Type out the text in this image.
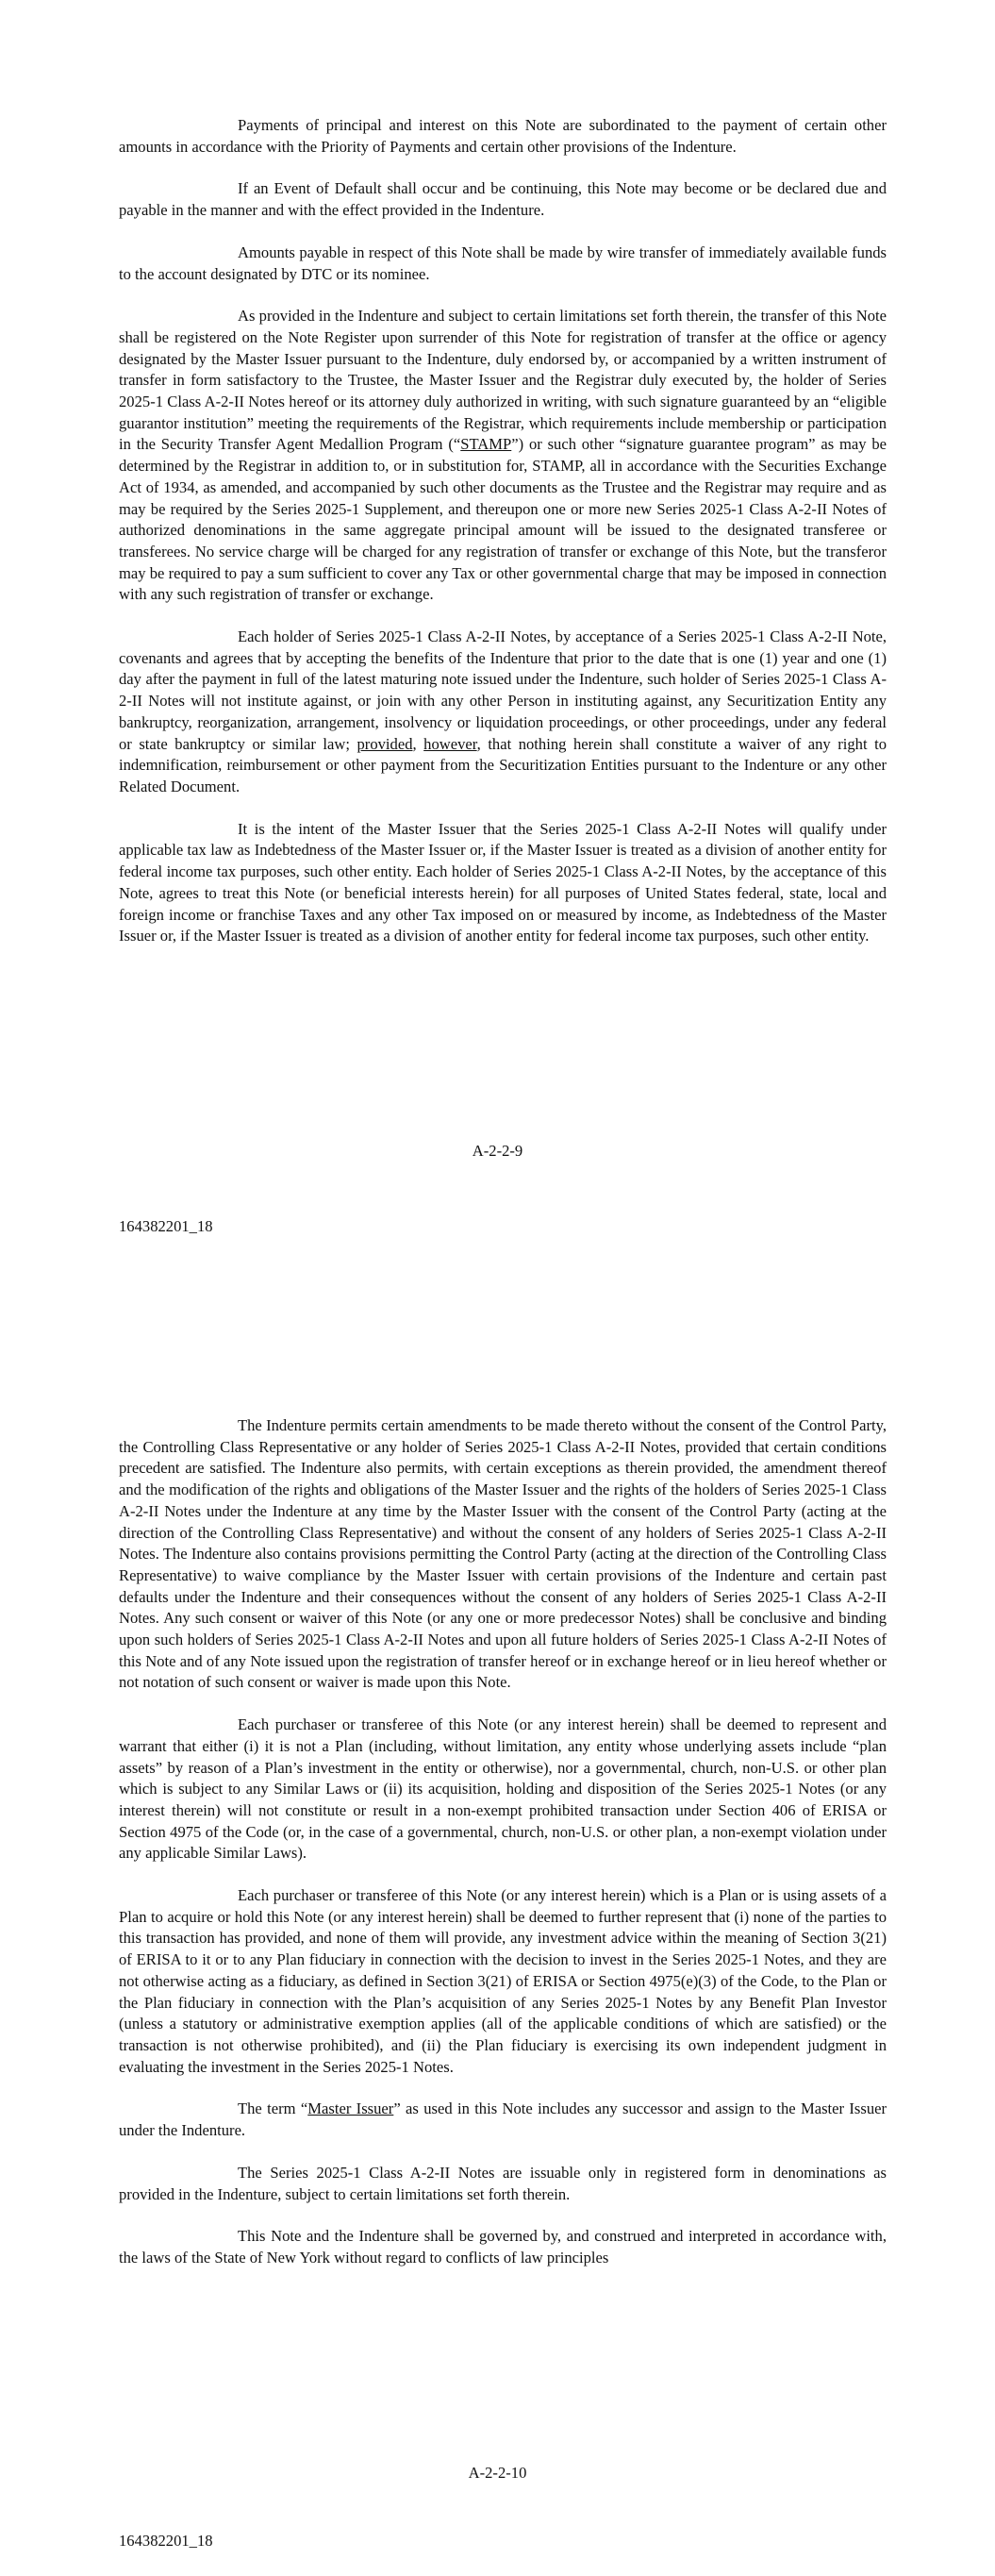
Payments of principal and interest on this Note are subordinated to the payment of certain other amounts in accordance with the Priority of Payments and certain other provisions of the Indenture.

If an Event of Default shall occur and be continuing, this Note may become or be declared due and payable in the manner and with the effect provided in the Indenture.

Amounts payable in respect of this Note shall be made by wire transfer of immediately available funds to the account designated by DTC or its nominee.

As provided in the Indenture and subject to certain limitations set forth therein, the transfer of this Note shall be registered on the Note Register upon surrender of this Note for registration of transfer at the office or agency designated by the Master Issuer pursuant to the Indenture, duly endorsed by, or accompanied by a written instrument of transfer in form satisfactory to the Trustee, the Master Issuer and the Registrar duly executed by, the holder of Series 2025-1 Class A-2-II Notes hereof or its attorney duly authorized in writing, with such signature guaranteed by an “eligible guarantor institution” meeting the requirements of the Registrar, which requirements include membership or participation in the Security Transfer Agent Medallion Program (“STAMP”) or such other “signature guarantee program” as may be determined by the Registrar in addition to, or in substitution for, STAMP, all in accordance with the Securities Exchange Act of 1934, as amended, and accompanied by such other documents as the Trustee and the Registrar may require and as may be required by the Series 2025-1 Supplement, and thereupon one or more new Series 2025-1 Class A-2-II Notes of authorized denominations in the same aggregate principal amount will be issued to the designated transferee or transferees. No service charge will be charged for any registration of transfer or exchange of this Note, but the transferor may be required to pay a sum sufficient to cover any Tax or other governmental charge that may be imposed in connection with any such registration of transfer or exchange.

Each holder of Series 2025-1 Class A-2-II Notes, by acceptance of a Series 2025-1 Class A-2-II Note, covenants and agrees that by accepting the benefits of the Indenture that prior to the date that is one (1) year and one (1) day after the payment in full of the latest maturing note issued under the Indenture, such holder of Series 2025-1 Class A-2-II Notes will not institute against, or join with any other Person in instituting against, any Securitization Entity any bankruptcy, reorganization, arrangement, insolvency or liquidation proceedings, or other proceedings, under any federal or state bankruptcy or similar law; provided, however, that nothing herein shall constitute a waiver of any right to indemnification, reimbursement or other payment from the Securitization Entities pursuant to the Indenture or any other Related Document.

It is the intent of the Master Issuer that the Series 2025-1 Class A-2-II Notes will qualify under applicable tax law as Indebtedness of the Master Issuer or, if the Master Issuer is treated as a division of another entity for federal income tax purposes, such other entity. Each holder of Series 2025-1 Class A-2-II Notes, by the acceptance of this Note, agrees to treat this Note (or beneficial interests herein) for all purposes of United States federal, state, local and foreign income or franchise Taxes and any other Tax imposed on or measured by income, as Indebtedness of the Master Issuer or, if the Master Issuer is treated as a division of another entity for federal income tax purposes, such other entity.

A-2-2-9
164382201_18

The Indenture permits certain amendments to be made thereto without the consent of the Control Party, the Controlling Class Representative or any holder of Series 2025-1 Class A-2-II Notes, provided that certain conditions precedent are satisfied. The Indenture also permits, with certain exceptions as therein provided, the amendment thereof and the modification of the rights and obligations of the Master Issuer and the rights of the holders of Series 2025-1 Class A-2-II Notes under the Indenture at any time by the Master Issuer with the consent of the Control Party (acting at the direction of the Controlling Class Representative) and without the consent of any holders of Series 2025-1 Class A-2-II Notes. The Indenture also contains provisions permitting the Control Party (acting at the direction of the Controlling Class Representative) to waive compliance by the Master Issuer with certain provisions of the Indenture and certain past defaults under the Indenture and their consequences without the consent of any holders of Series 2025-1 Class A-2-II Notes. Any such consent or waiver of this Note (or any one or more predecessor Notes) shall be conclusive and binding upon such holders of Series 2025-1 Class A-2-II Notes and upon all future holders of Series 2025-1 Class A-2-II Notes of this Note and of any Note issued upon the registration of transfer hereof or in exchange hereof or in lieu hereof whether or not notation of such consent or waiver is made upon this Note.

Each purchaser or transferee of this Note (or any interest herein) shall be deemed to represent and warrant that either (i) it is not a Plan (including, without limitation, any entity whose underlying assets include “plan assets” by reason of a Plan’s investment in the entity or otherwise), nor a governmental, church, non-U.S. or other plan which is subject to any Similar Laws or (ii) its acquisition, holding and disposition of the Series 2025-1 Notes (or any interest therein) will not constitute or result in a non-exempt prohibited transaction under Section 406 of ERISA or Section 4975 of the Code (or, in the case of a governmental, church, non-U.S. or other plan, a non-exempt violation under any applicable Similar Laws).

Each purchaser or transferee of this Note (or any interest herein) which is a Plan or is using assets of a Plan to acquire or hold this Note (or any interest herein) shall be deemed to further represent that (i) none of the parties to this transaction has provided, and none of them will provide, any investment advice within the meaning of Section 3(21) of ERISA to it or to any Plan fiduciary in connection with the decision to invest in the Series 2025-1 Notes, and they are not otherwise acting as a fiduciary, as defined in Section 3(21) of ERISA or Section 4975(e)(3) of the Code, to the Plan or the Plan fiduciary in connection with the Plan’s acquisition of any Series 2025-1 Notes by any Benefit Plan Investor (unless a statutory or administrative exemption applies (all of the applicable conditions of which are satisfied) or the transaction is not otherwise prohibited), and (ii) the Plan fiduciary is exercising its own independent judgment in evaluating the investment in the Series 2025-1 Notes.

The term “Master Issuer” as used in this Note includes any successor and assign to the Master Issuer under the Indenture.

The Series 2025-1 Class A-2-II Notes are issuable only in registered form in denominations as provided in the Indenture, subject to certain limitations set forth therein.

This Note and the Indenture shall be governed by, and construed and interpreted in accordance with, the laws of the State of New York without regard to conflicts of law principles

A-2-2-10
164382201_18
